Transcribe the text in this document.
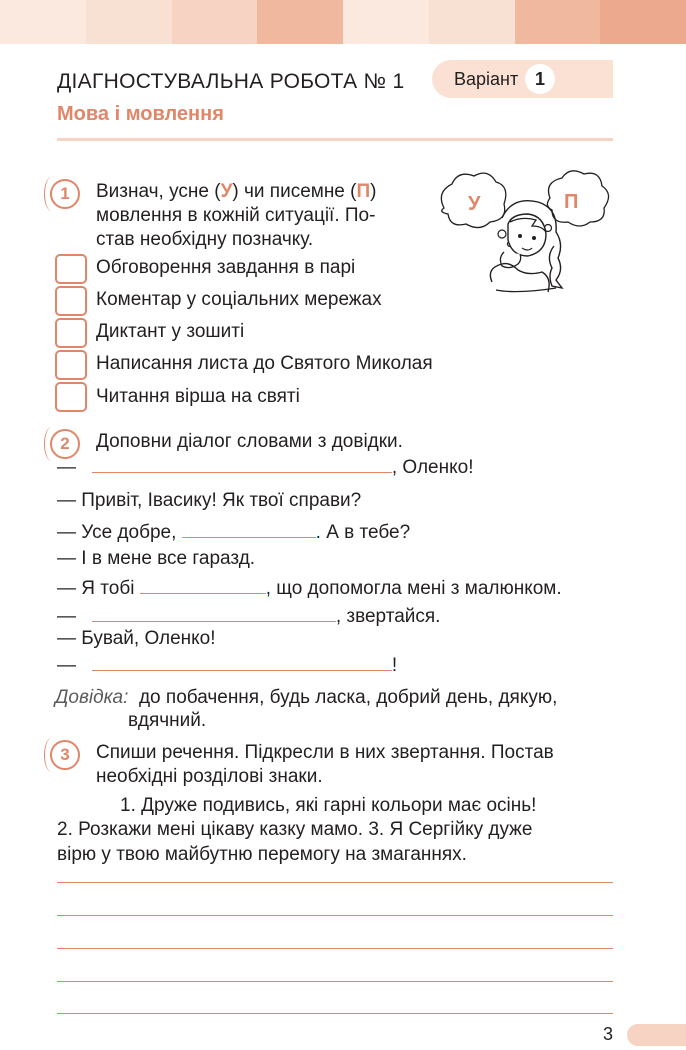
ДІАГНОСТУВАЛЬНА РОБОТА № 1
Мова і мовлення
Варіант 1
1	Визнач, усне (У) чи писемне (П)
мовлення в кожній ситуації. По-
став необхідну позначку.
Обговорення завдання в парі
Коментар у соціальних мережах
Диктант у зошиті
Написання листа до Святого Миколая
Читання вірша на святі
У	П
2	Доповни діалог словами з довідки.
—	, Оленко!
— Привіт, Івасику! Як твої справи?
— Усе добре,	. А в тебе?
— І в мене все гаразд.
— Я тобі	, що допомогла мені з малюнком.
—	, звертайся.
— Бувай, Оленко!
—	!
Довідка: до побачення, будь ласка, добрий день, дякую,
вдячний.
3	Спиши речення. Підкресли в них звертання. Постав
необхідні розділові знаки.
1. Друже подивись, які гарні кольори має осінь!
2. Розкажи мені цікаву казку мамо. 3. Я Сергійку дуже
вірю у твою майбутню перемогу на змаганнях.
3
